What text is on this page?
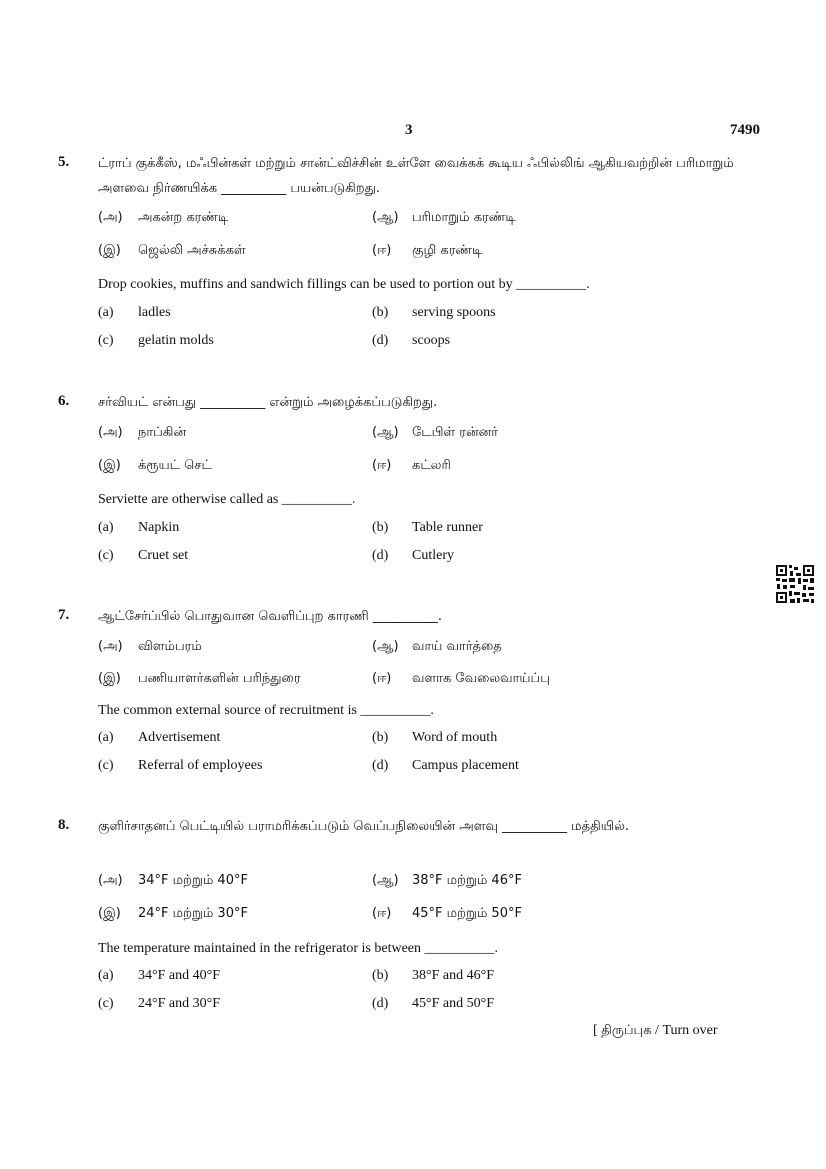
3	7490
5. ட்ராப் குக்கீஸ், மஃபின்கள் மற்றும் சான்ட்விச்சின் உள்ளே வைக்கக் கூடிய ஃபில்லிங் ஆகியவற்றின் பரிமாறும் அளவை நிர்ணயிக்க __________ பயன்படுகிறது.
(அ) அகன்ற கரண்டி	(ஆ) பரிமாறும் கரண்டி
(இ) ஜெல்லி அச்சுக்கள்	(ஈ) குழி கரண்டி
Drop cookies, muffins and sandwich fillings can be used to portion out by __________.
(a) ladles	(b) serving spoons
(c) gelatin molds	(d) scoops
6. சர்வியட் என்பது __________ என்றும் அழைக்கப்படுகிறது.
(அ) நாப்கின்	(ஆ) டேபிள் ரன்னர்
(இ) க்ரூயட் செட்	(ஈ) கட்லரி
Serviette are otherwise called as __________.
(a) Napkin	(b) Table runner
(c) Cruet set	(d) Cutlery
7. ஆட்சேர்ப்பில் பொதுவான வெளிப்புற காரணி __________.
(அ) விளம்பரம்	(ஆ) வாய் வார்த்தை
(இ) பணியாளர்களின் பரிந்துரை	(ஈ) வளாக வேலைவாய்ப்பு
The common external source of recruitment is __________.
(a) Advertisement	(b) Word of mouth
(c) Referral of employees	(d) Campus placement
8. குளிர்சாதனப் பெட்டியில் பராமரிக்கப்படும் வெப்பநிலையின் அளவு __________ மத்தியில்.
(அ) 34°F மற்றும் 40°F	(ஆ) 38°F மற்றும் 46°F
(இ) 24°F மற்றும் 30°F	(ஈ) 45°F மற்றும் 50°F
The temperature maintained in the refrigerator is between __________.
(a) 34°F and 40°F	(b) 38°F and 46°F
(c) 24°F and 30°F	(d) 45°F and 50°F
[ திருப்புக / Turn over
